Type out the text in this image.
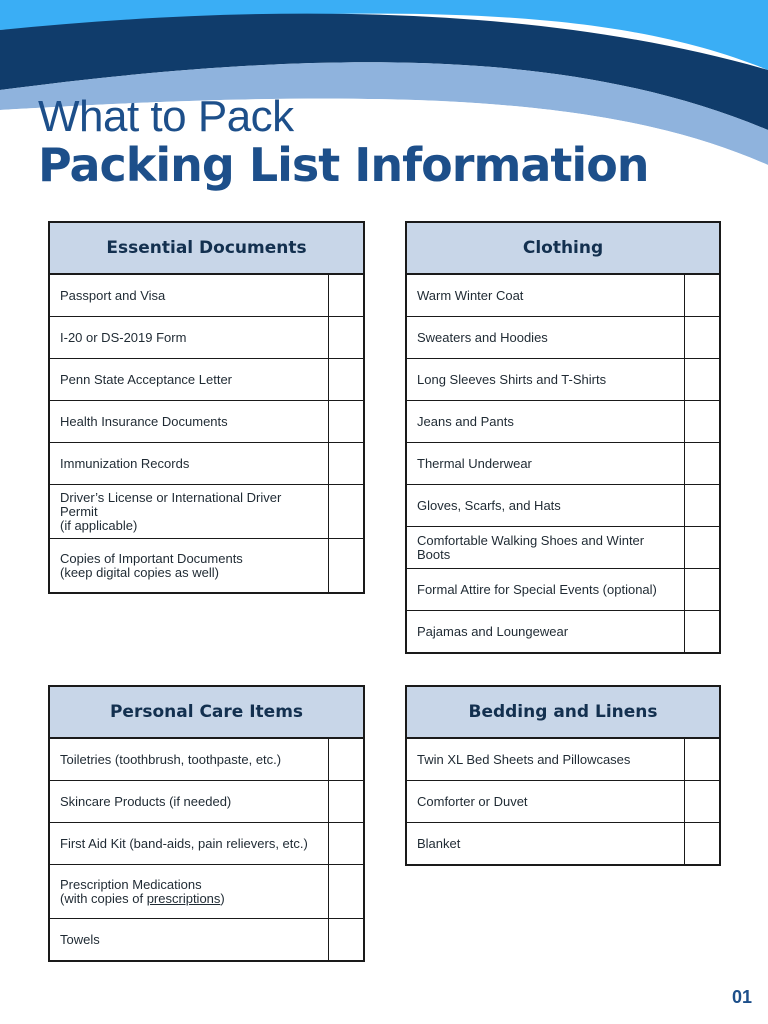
What to Pack
Packing List Information
Essential Documents
Passport and Visa
I-20 or DS-2019 Form
Penn State Acceptance Letter
Health Insurance Documents
Immunization Records
Driver’s License or International Driver Permit
(if applicable)
Copies of Important Documents
(keep digital copies as well)
Clothing
Warm Winter Coat
Sweaters and Hoodies
Long Sleeves Shirts and T-Shirts
Jeans and Pants
Thermal Underwear
Gloves, Scarfs, and Hats
Comfortable Walking Shoes and Winter Boots
Formal Attire for Special Events (optional)
Pajamas and Loungewear
Personal Care Items
Toiletries (toothbrush, toothpaste, etc.)
Skincare Products (if needed)
First Aid Kit (band-aids, pain relievers, etc.)
Prescription Medications
(with copies of prescriptions)
Towels
Bedding and Linens
Twin XL Bed Sheets and Pillowcases
Comforter or Duvet
Blanket
01
